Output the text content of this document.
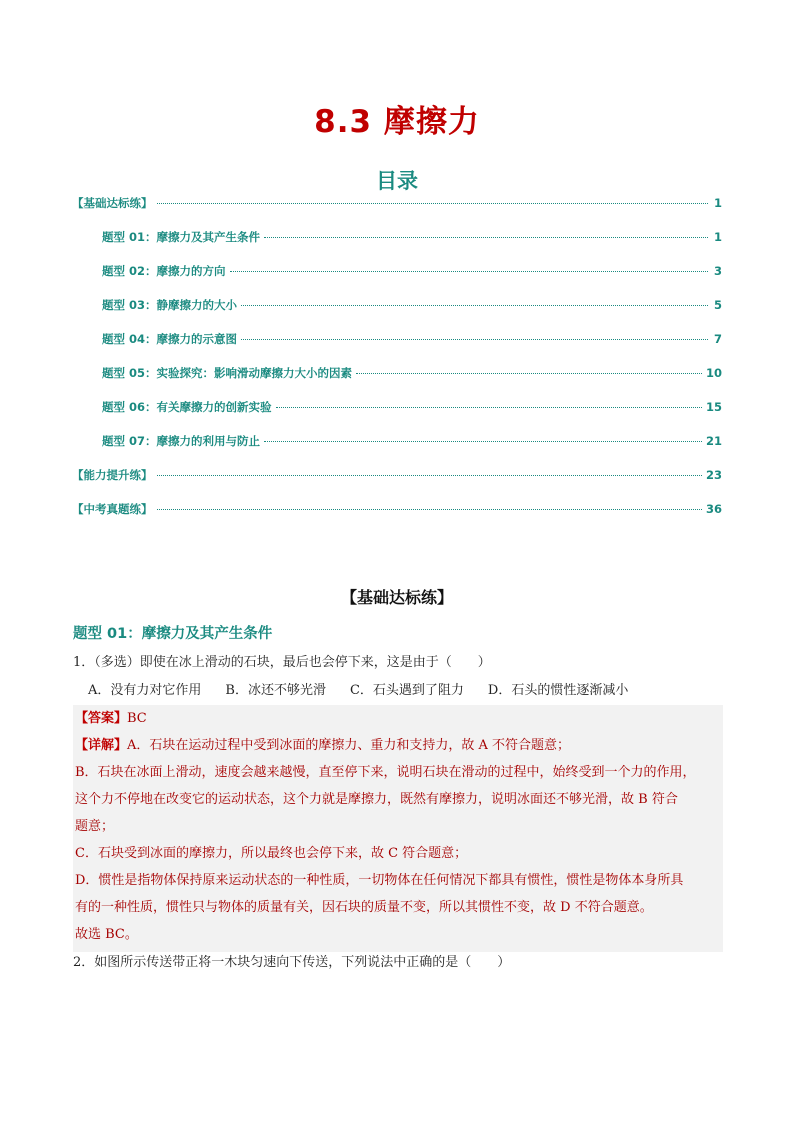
8.3 摩擦力
目录
【基础达标练】	1
题型 01：摩擦力及其产生条件	1
题型 02：摩擦力的方向	3
题型 03：静摩擦力的大小	5
题型 04：摩擦力的示意图	7
题型 05：实验探究：影响滑动摩擦力大小的因素	10
题型 06：有关摩擦力的创新实验	15
题型 07：摩擦力的利用与防止	21
【能力提升练】	23
【中考真题练】	36
【基础达标练】
题型 01：摩擦力及其产生条件
1．（多选）即使在冰上滑动的石块，最后也会停下来，这是由于（　　）
A．没有力对它作用 B．冰还不够光滑 C．石头遇到了阻力 D．石头的惯性逐渐减小

【答案】BC

【详解】A．石块在运动过程中受到冰面的摩擦力、重力和支持力，故 A 不符合题意；

B．石块在冰面上滑动，速度会越来越慢，直至停下来，说明石块在滑动的过程中，始终受到一个力的作用，

这个力不停地在改变它的运动状态，这个力就是摩擦力，既然有摩擦力，说明冰面还不够光滑，故 B 符合

题意；

C．石块受到冰面的摩擦力，所以最终也会停下来，故 C 符合题意；

D．惯性是指物体保持原来运动状态的一种性质，一切物体在任何情况下都具有惯性，惯性是物体本身所具

有的一种性质，惯性只与物体的质量有关，因石块的质量不变，所以其惯性不变，故 D 不符合题意。

故选 BC。

2．如图所示传送带正将一木块匀速向下传送，下列说法中正确的是（　　）
